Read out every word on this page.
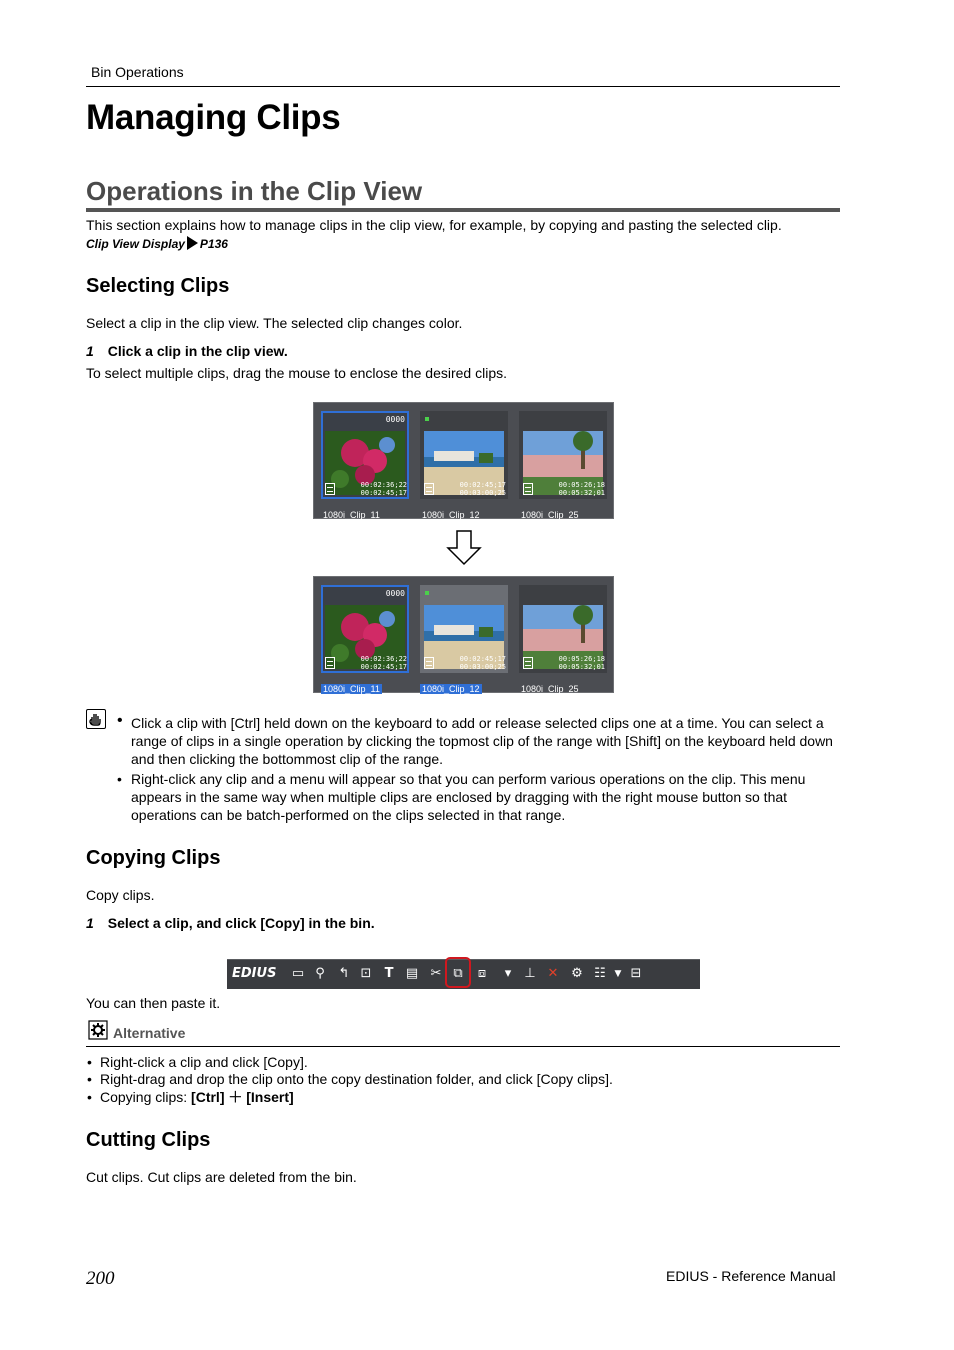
Bin Operations
Managing Clips
Operations in the Clip View
This section explains how to manage clips in the clip view, for example, by copying and pasting the selected clip.
Clip View Display P136
Selecting Clips
Select a clip in the clip view. The selected clip changes color.
1 Click a clip in the clip view.
To select multiple clips, drag the mouse to enclose the desired clips.
0000
00:02:36;22
00:02:45;17
1080i_Clip_11
00:02:45;17
00:03:00;25
1080i_Clip_12
00:05:26;18
00:05:32;01
1080i_Clip_25
0000
00:02:36;22
00:02:45;17
1080i_Clip_11
00:02:45;17
00:03:00;25
1080i_Clip_12
00:05:26;18
00:05:32;01
1080i_Clip_25
• Click a clip with [Ctrl] held down on the keyboard to add or release selected clips one at a time. You can select a range of clips in a single operation by clicking the topmost clip of the range with [Shift] on the keyboard held down and then clicking the bottommost clip of the range.
• Right-click any clip and a menu will appear so that you can perform various operations on the clip. This menu appears in the same way when multiple clips are enclosed by dragging with the right mouse button so that operations can be batch-performed on the clips selected in that range.
Copying Clips
Copy clips.
1 Select a clip, and click [Copy] in the bin.
EDIUS ▭ ⚲	↰ ⊡	T ▤ ✂ ⧉	⧈	▾	⊥ ✕ ⚙ ☷ ▼ ⊟
You can then paste it.
Alternative
• Right-click a clip and click [Copy].
• Right-drag and drop the clip onto the copy destination folder, and click [Copy clips].
• Copying clips: [Ctrl] ＋ [Insert]
Cutting Clips
Cut clips. Cut clips are deleted from the bin.
200	EDIUS - Reference Manual
